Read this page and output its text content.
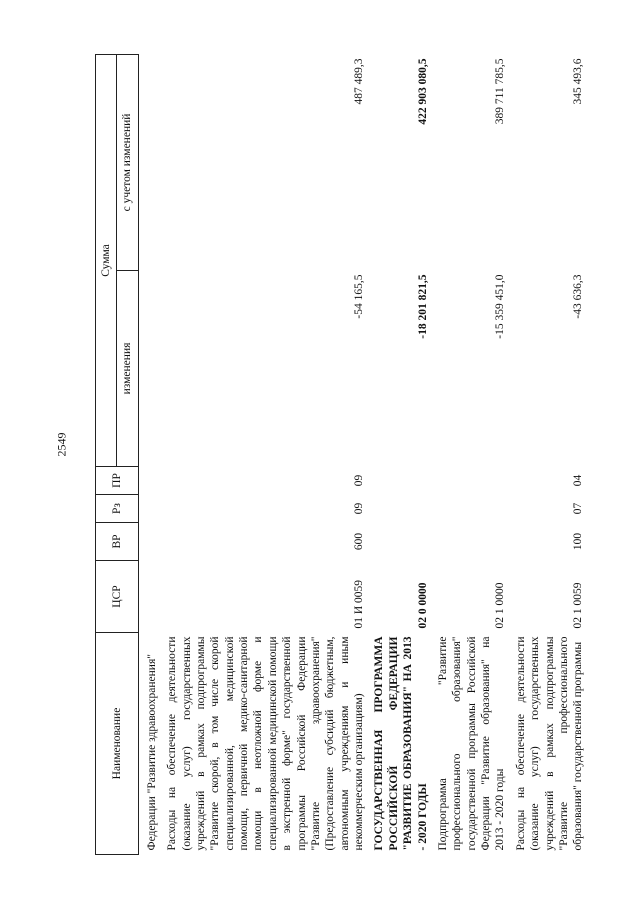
2549
Наименование	ЦСР	ВР	Рз	ПР	Сумма	
					изменения	с учетом изменений
Федерации "Развитие здравоохранения"						
Расходы на обеспечение деятельности (оказание услуг) государственных учреждений в рамках подпрограммы "Развитие скорой, в том числе скорой специализированной, медицинской помощи, первичной медико-санитарной помощи в неотложной форме и специализированной медицинской помощи в экстренной форме" государственной программы Российской Федерации "Развитие здравоохранения" (Предоставление субсидий бюджетным, автономным учреждениям и иным некоммерческим организациям)	01 И 0059	600	09	09	-54 165,5	487 489,3
ГОСУДАРСТВЕННАЯ ПРОГРАММА РОССИЙСКОЙ ФЕДЕРАЦИИ "РАЗВИТИЕ ОБРАЗОВАНИЯ" НА 2013 - 2020 ГОДЫ	02 0 0000				-18 201 821,5	422 903 080,5
Подпрограмма "Развитие профессионального образования" государственной программы Российской Федерации "Развитие образования" на 2013 - 2020 годы	02 1 0000				-15 359 451,0	389 711 785,5
Расходы на обеспечение деятельности (оказание услуг) государственных учреждений в рамках подпрограммы "Развитие профессионального образования" государственной программы	02 1 0059	100	07	04	-43 636,3	345 493,6
